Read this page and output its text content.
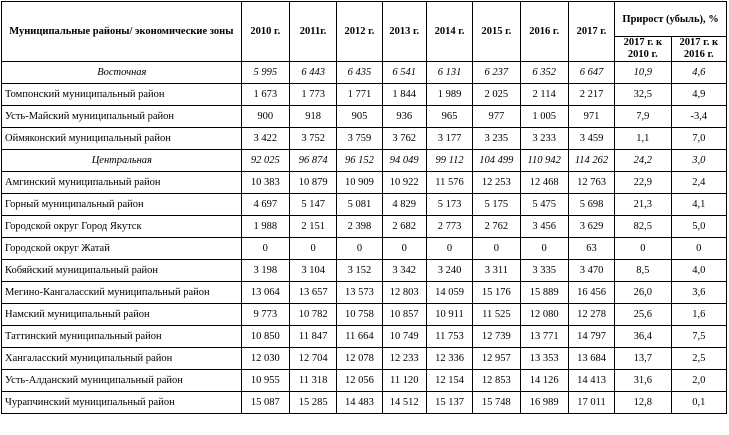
Муниципальные районы/ экономические зоны	2010 г.	2011г.	2012 г.	2013 г.	2014 г.	2015 г.	2016 г.	2017 г.	Прирост (убыль), %	
									2017 г. к 2010 г.	2017 г. к 2016 г.
Восточная	5 995	6 443	6 435	6 541	6 131	6 237	6 352	6 647	10,9	4,6
Томпонский муниципальный район	1 673	1 773	1 771	1 844	1 989	2 025	2 114	2 217	32,5	4,9
Усть-Майский муниципальный район	900	918	905	936	965	977	1 005	971	7,9	-3,4
Оймяконский муниципальный район	3 422	3 752	3 759	3 762	3 177	3 235	3 233	3 459	1,1	7,0
Центральная	92 025	96 874	96 152	94 049	99 112	104 499	110 942	114 262	24,2	3,0
Амгинский муниципальный район	10 383	10 879	10 909	10 922	11 576	12 253	12 468	12 763	22,9	2,4
Горный муниципальный район	4 697	5 147	5 081	4 829	5 173	5 175	5 475	5 698	21,3	4,1
Городской округ Город Якутск	1 988	2 151	2 398	2 682	2 773	2 762	3 456	3 629	82,5	5,0
Городской округ Жатай	0	0	0	0	0	0	0	63	0	0
Кобяйский муниципальный район	3 198	3 104	3 152	3 342	3 240	3 311	3 335	3 470	8,5	4,0
Мегино-Кангаласский муниципальный район	13 064	13 657	13 573	12 803	14 059	15 176	15 889	16 456	26,0	3,6
Намский муниципальный район	9 773	10 782	10 758	10 857	10 911	11 525	12 080	12 278	25,6	1,6
Таттинский муниципальный район	10 850	11 847	11 664	10 749	11 753	12 739	13 771	14 797	36,4	7,5
Хангаласский муниципальный район	12 030	12 704	12 078	12 233	12 336	12 957	13 353	13 684	13,7	2,5
Усть-Алданский муниципальный район	10 955	11 318	12 056	11 120	12 154	12 853	14 126	14 413	31,6	2,0
Чурапчинский муниципальный район	15 087	15 285	14 483	14 512	15 137	15 748	16 989	17 011	12,8	0,1
